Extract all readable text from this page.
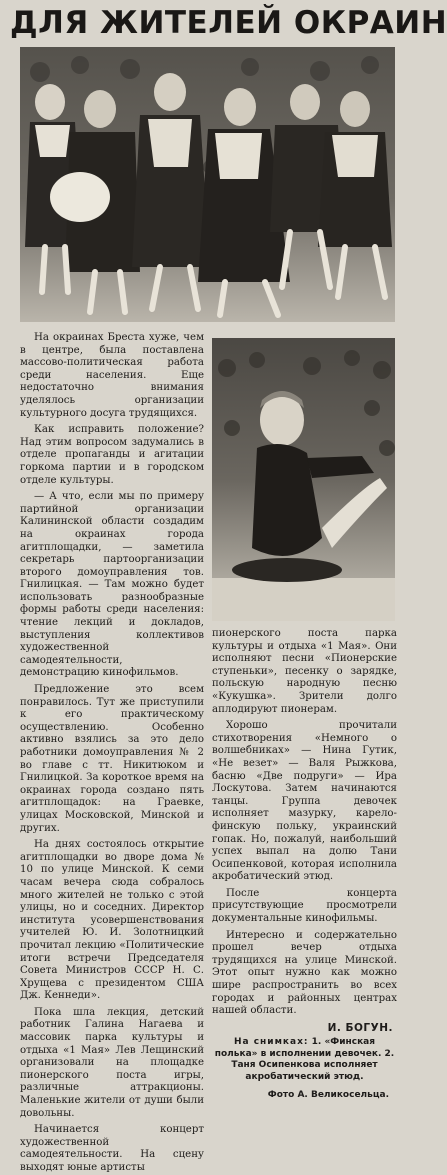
ДЛЯ ЖИТЕЛЕЙ ОКРАИН

На окраинах Бреста хуже, чем в центре, была поставлена массово-политическая работа среди населения. Еще недостаточно внимания уделялось организации культурного досуга трудящихся.

Как исправить положение? Над этим вопросом задумались в отделе пропаганды и агитации горкома партии и в городском отделе культуры.

— А что, если мы по примеру партийной организации Калининской области создадим на окраинах города агитплощадки, — заметила секретарь партоорганизации второго домоуправления тов. Гнилицкая. — Там можно будет использовать разнообразные формы работы среди населения: чтение лекций и докладов, выступления коллективов художественной самодеятельности, демонстрацию кинофильмов.

Предложение это всем понравилось. Тут же приступили к его практическому осуществлению. Особенно активно взялись за это дело работники домоуправления № 2 во главе с тт. Никитюком и Гнилицкой. За короткое время на окраинах города создано пять агитплощадок: на Граевке, улицах Московской, Минской и других.

На днях состоялось открытие агитплощадки во дворе дома № 10 по улице Минской. К семи часам вечера сюда собралось много жителей не только с этой улицы, но и соседних. Директор института усовершенствования учителей Ю. И. Золотницкий прочитал лекцию «Политические итоги встречи Председателя Совета Министров СССР Н. С. Хрущева с президентом США Дж. Кеннеди».

Пока шла лекция, детский работник Галина Нагаева и массовик парка культуры и отдыха «1 Мая» Лев Лещинский организовали на площадке пионерского поста игры, различные аттракционы. Маленькие жители от души были довольны.

Начинается концерт художественной самодеятельности. На сцену выходят юные артисты

пионерского поста парка культуры и отдыха «1 Мая». Они исполняют песни «Пионерские ступеньки», песенку о зарядке, польскую народную песню «Кукушка». Зрители долго аплодируют пионерам.

Хорошо прочитали стихотворения «Немного о волшебниках» — Нина Гутик, «Не везет» — Валя Рыжкова, басню «Две подруги» — Ира Лоскутова. Затем начинаются танцы. Группа девочек исполняет мазурку, карело-финскую польку, украинский гопак. Но, пожалуй, наибольший успех выпал на долю Тани Осипенковой, которая исполнила акробатический этюд.

После концерта присутствующие просмотрели документальные кинофильмы.

Интересно и содержательно прошел вечер отдыха трудящихся на улице Минской. Этот опыт нужно как можно шире распространить во всех городах и районных центрах нашей области.

И. БОГУН.
На снимках: 1. «Финская полька» в исполнении девочек. 2. Таня Осипенкова исполняет акробатический этюд.
Фото А. Великосельца.
